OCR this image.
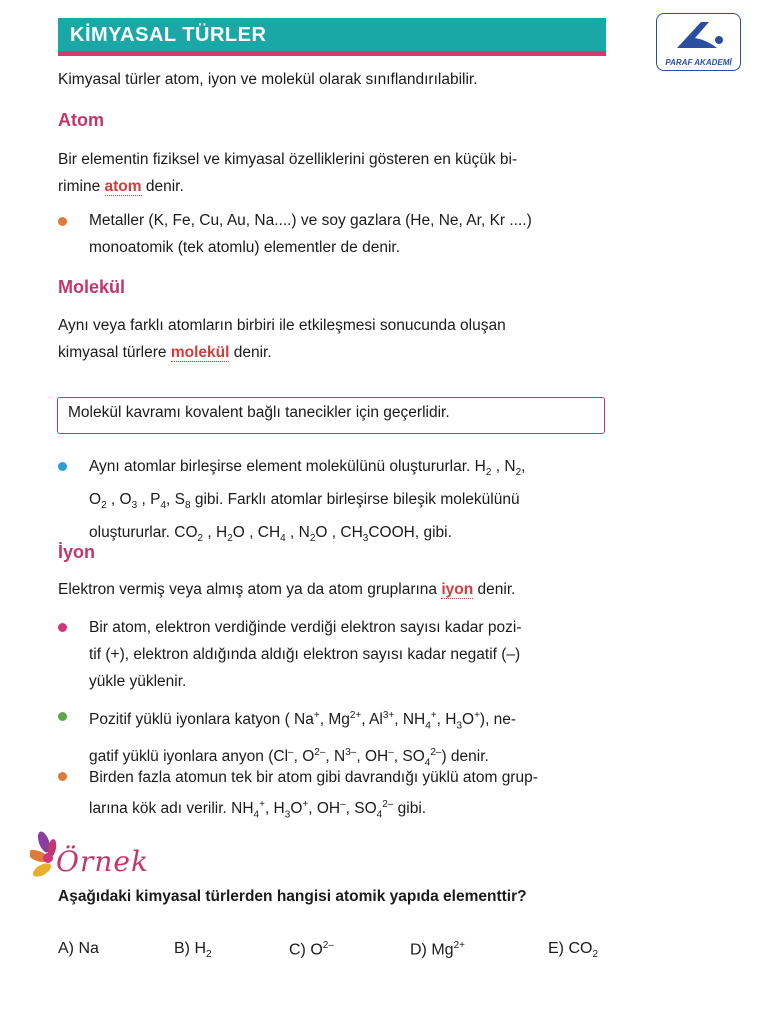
KİMYASAL TÜRLER
PARAF AKADEMİ
Kimyasal türler atom, iyon ve molekül olarak sınıflandırılabilir.
Atom
Bir elementin fiziksel ve kimyasal özelliklerini gösteren en küçük bi-
rimine atom denir.
Metaller (K, Fe, Cu, Au, Na....) ve soy gazlara (He, Ne, Ar, Kr ....)
monoatomik (tek atomlu) elementler de denir.
Molekül
Aynı veya farklı atomların birbiri ile etkileşmesi sonucunda oluşan
kimyasal türlere molekül denir.
Molekül kavramı kovalent bağlı tanecikler için geçerlidir.
Aynı atomlar birleşirse element molekülünü oluştururlar. $H_2$ , $N_2$,
$O_2$ , $O_3$ , $P_4$, $S_8$ gibi. Farklı atomlar birleşirse bileşik molekülünü
oluştururlar. $CO_2$ , $H_2O$ , $CH_4$ , $N_2O$ , $CH_3COOH$, gibi.
İyon
Elektron vermiş veya almış atom ya da atom gruplarına iyon denir.
Bir atom, elektron verdiğinde verdiği elektron sayısı kadar pozi-
tif (+), elektron aldığında aldığı elektron sayısı kadar negatif (–)
yükle yüklenir.
Pozitif yüklü iyonlara katyon ( Na+, $Mg^{2+}$, $Al^{3+}$, $NH_4^+$, $H_3O^+$), ne-
gatif yüklü iyonlara anyon (Cl–, $O^{2-}$, $N^{3-}$, OH–, $SO_4^{2-}$) denir.
Birden fazla atomun tek bir atom gibi davrandığı yüklü atom grup-
larına kök adı verilir. $NH_4^+$, $H_3O^+$, OH–, $SO_4^{2-}$ gibi.
Örnek
Aşağıdaki kimyasal türlerden hangisi atomik yapıda elementtir?
A) Na	B) $H_2$	C) $O^{2-}$	D) $Mg^{2+}$	E) $CO_2$
